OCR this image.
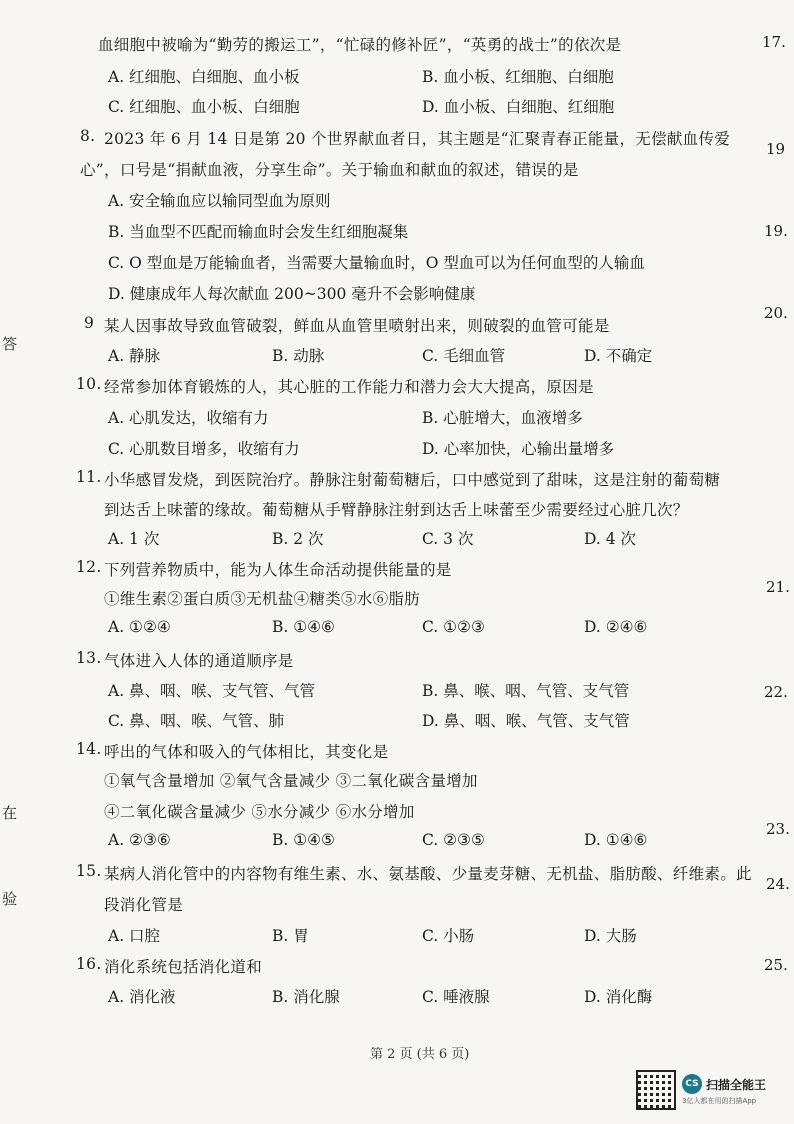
血细胞中被喻为“勤劳的搬运工”，“忙碌的修补匠”，“英勇的战士”的依次是
A. 红细胞、白细胞、血小板	B. 血小板、红细胞、白细胞
C. 红细胞、血小板、白细胞	D. 血小板、白细胞、红细胞
8. 2023 年 6 月 14 日是第 20 个世界献血者日，其主题是“汇聚青春正能量，无偿献血传爱
心”，口号是“捐献血液，分享生命”。关于输血和献血的叙述，错误的是
A. 安全输血应以输同型血为原则
B. 当血型不匹配而输血时会发生红细胞凝集
C. O 型血是万能输血者，当需要大量输血时，O 型血可以为任何血型的人输血
D. 健康成年人每次献血 200~300 毫升不会影响健康
9 某人因事故导致血管破裂，鲜血从血管里喷射出来，则破裂的血管可能是
A. 静脉	B. 动脉	C. 毛细血管	D. 不确定
10. 经常参加体育锻炼的人，其心脏的工作能力和潜力会大大提高，原因是
A. 心肌发达，收缩有力	B. 心脏增大，血液增多
C. 心肌数目增多，收缩有力	D. 心率加快，心输出量增多
11. 小华感冒发烧，到医院治疗。静脉注射葡萄糖后，口中感觉到了甜味，这是注射的葡萄糖
到达舌上味蕾的缘故。葡萄糖从手臂静脉注射到达舌上味蕾至少需要经过心脏几次？
A. 1 次	B. 2 次	C. 3 次	D. 4 次
12. 下列营养物质中，能为人体生命活动提供能量的是
①维生素②蛋白质③无机盐④糖类⑤水⑥脂肪
A. ①②④	B. ①④⑥	C. ①②③	D. ②④⑥
13. 气体进入人体的通道顺序是
A. 鼻、咽、喉、支气管、气管	B. 鼻、喉、咽、气管、支气管
C. 鼻、咽、喉、气管、肺	D. 鼻、咽、喉、气管、支气管
14. 呼出的气体和吸入的气体相比，其变化是
①氧气含量增加 ②氧气含量减少 ③二氧化碳含量增加
④二氧化碳含量减少 ⑤水分减少 ⑥水分增加
A. ②③⑥	B. ①④⑤	C. ②③⑤	D. ①④⑥
15. 某病人消化管中的内容物有维生素、水、氨基酸、少量麦芽糖、无机盐、脂肪酸、纤维素。此
段消化管是
A. 口腔	B. 胃	C. 小肠	D. 大肠
16. 消化系统包括消化道和
A. 消化液	B. 消化腺	C. 唾液腺	D. 消化酶
答
在
验
17.
19
19.
20.
21.
22.
23.
24.
25.
第 2 页 (共 6 页)
CS 扫描全能王
3亿人都在用的扫描App
